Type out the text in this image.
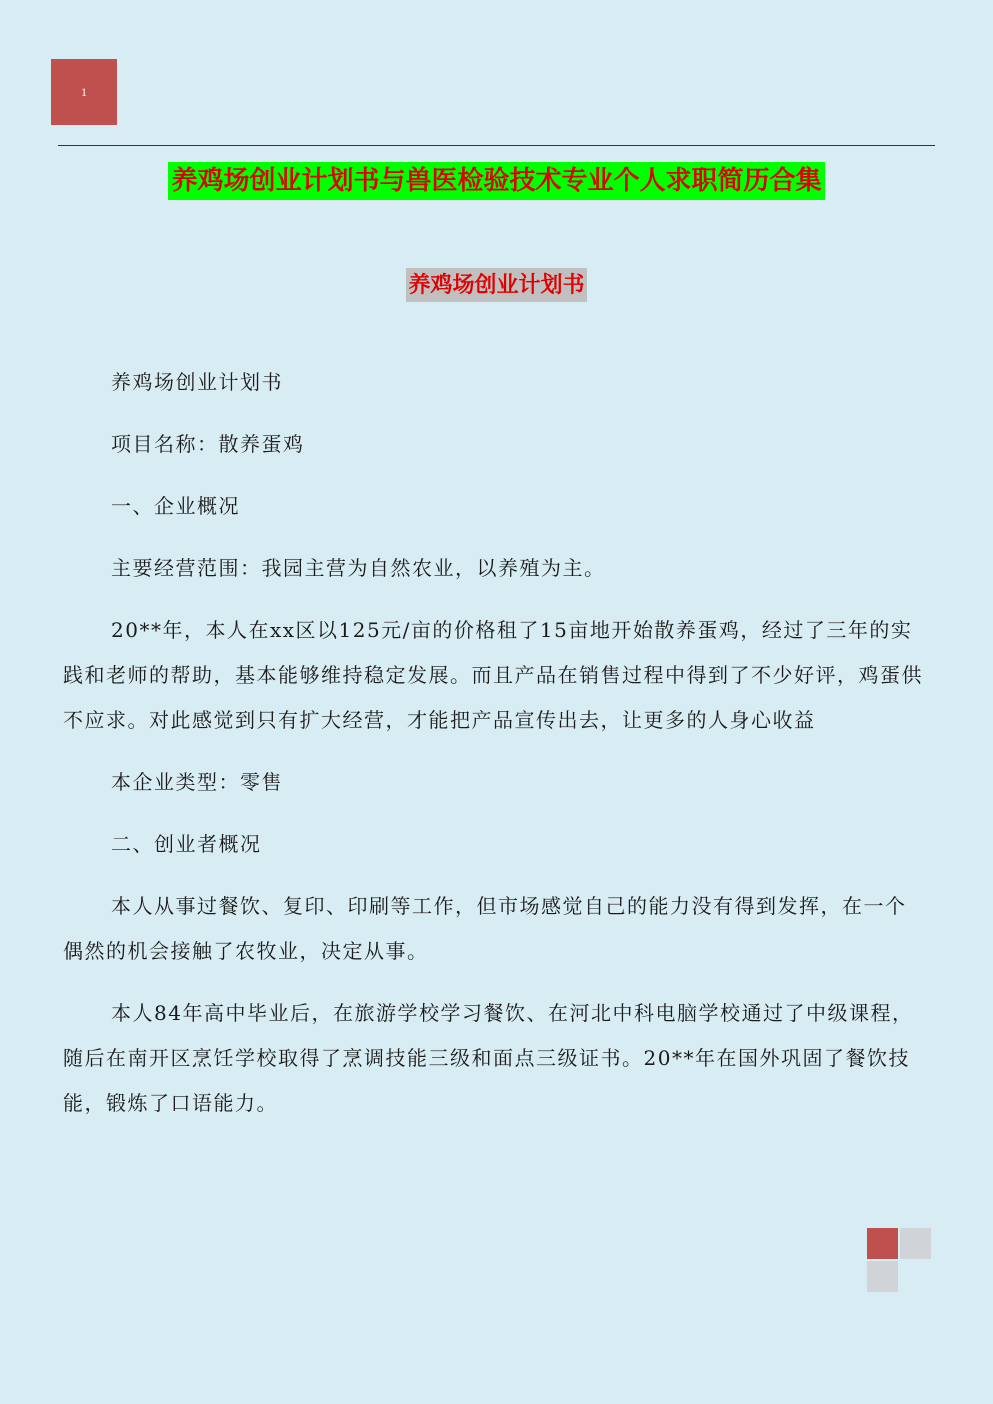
1
养鸡场创业计划书与兽医检验技术专业个人求职简历合集
养鸡场创业计划书

养鸡场创业计划书

项目名称：散养蛋鸡

一、企业概况

主要经营范围：我园主营为自然农业，以养殖为主。

20**年，本人在xx区以125元/亩的价格租了15亩地开始散养蛋鸡，经过了三年的实践和老师的帮助，基本能够维持稳定发展。而且产品在销售过程中得到了不少好评，鸡蛋供不应求。对此感觉到只有扩大经营，才能把产品宣传出去，让更多的人身心收益

本企业类型：零售

二、创业者概况

本人从事过餐饮、复印、印刷等工作，但市场感觉自己的能力没有得到发挥，在一个偶然的机会接触了农牧业，决定从事。

本人84年高中毕业后，在旅游学校学习餐饮、在河北中科电脑学校通过了中级课程，随后在南开区烹饪学校取得了烹调技能三级和面点三级证书。20**年在国外巩固了餐饮技能，锻炼了口语能力。
